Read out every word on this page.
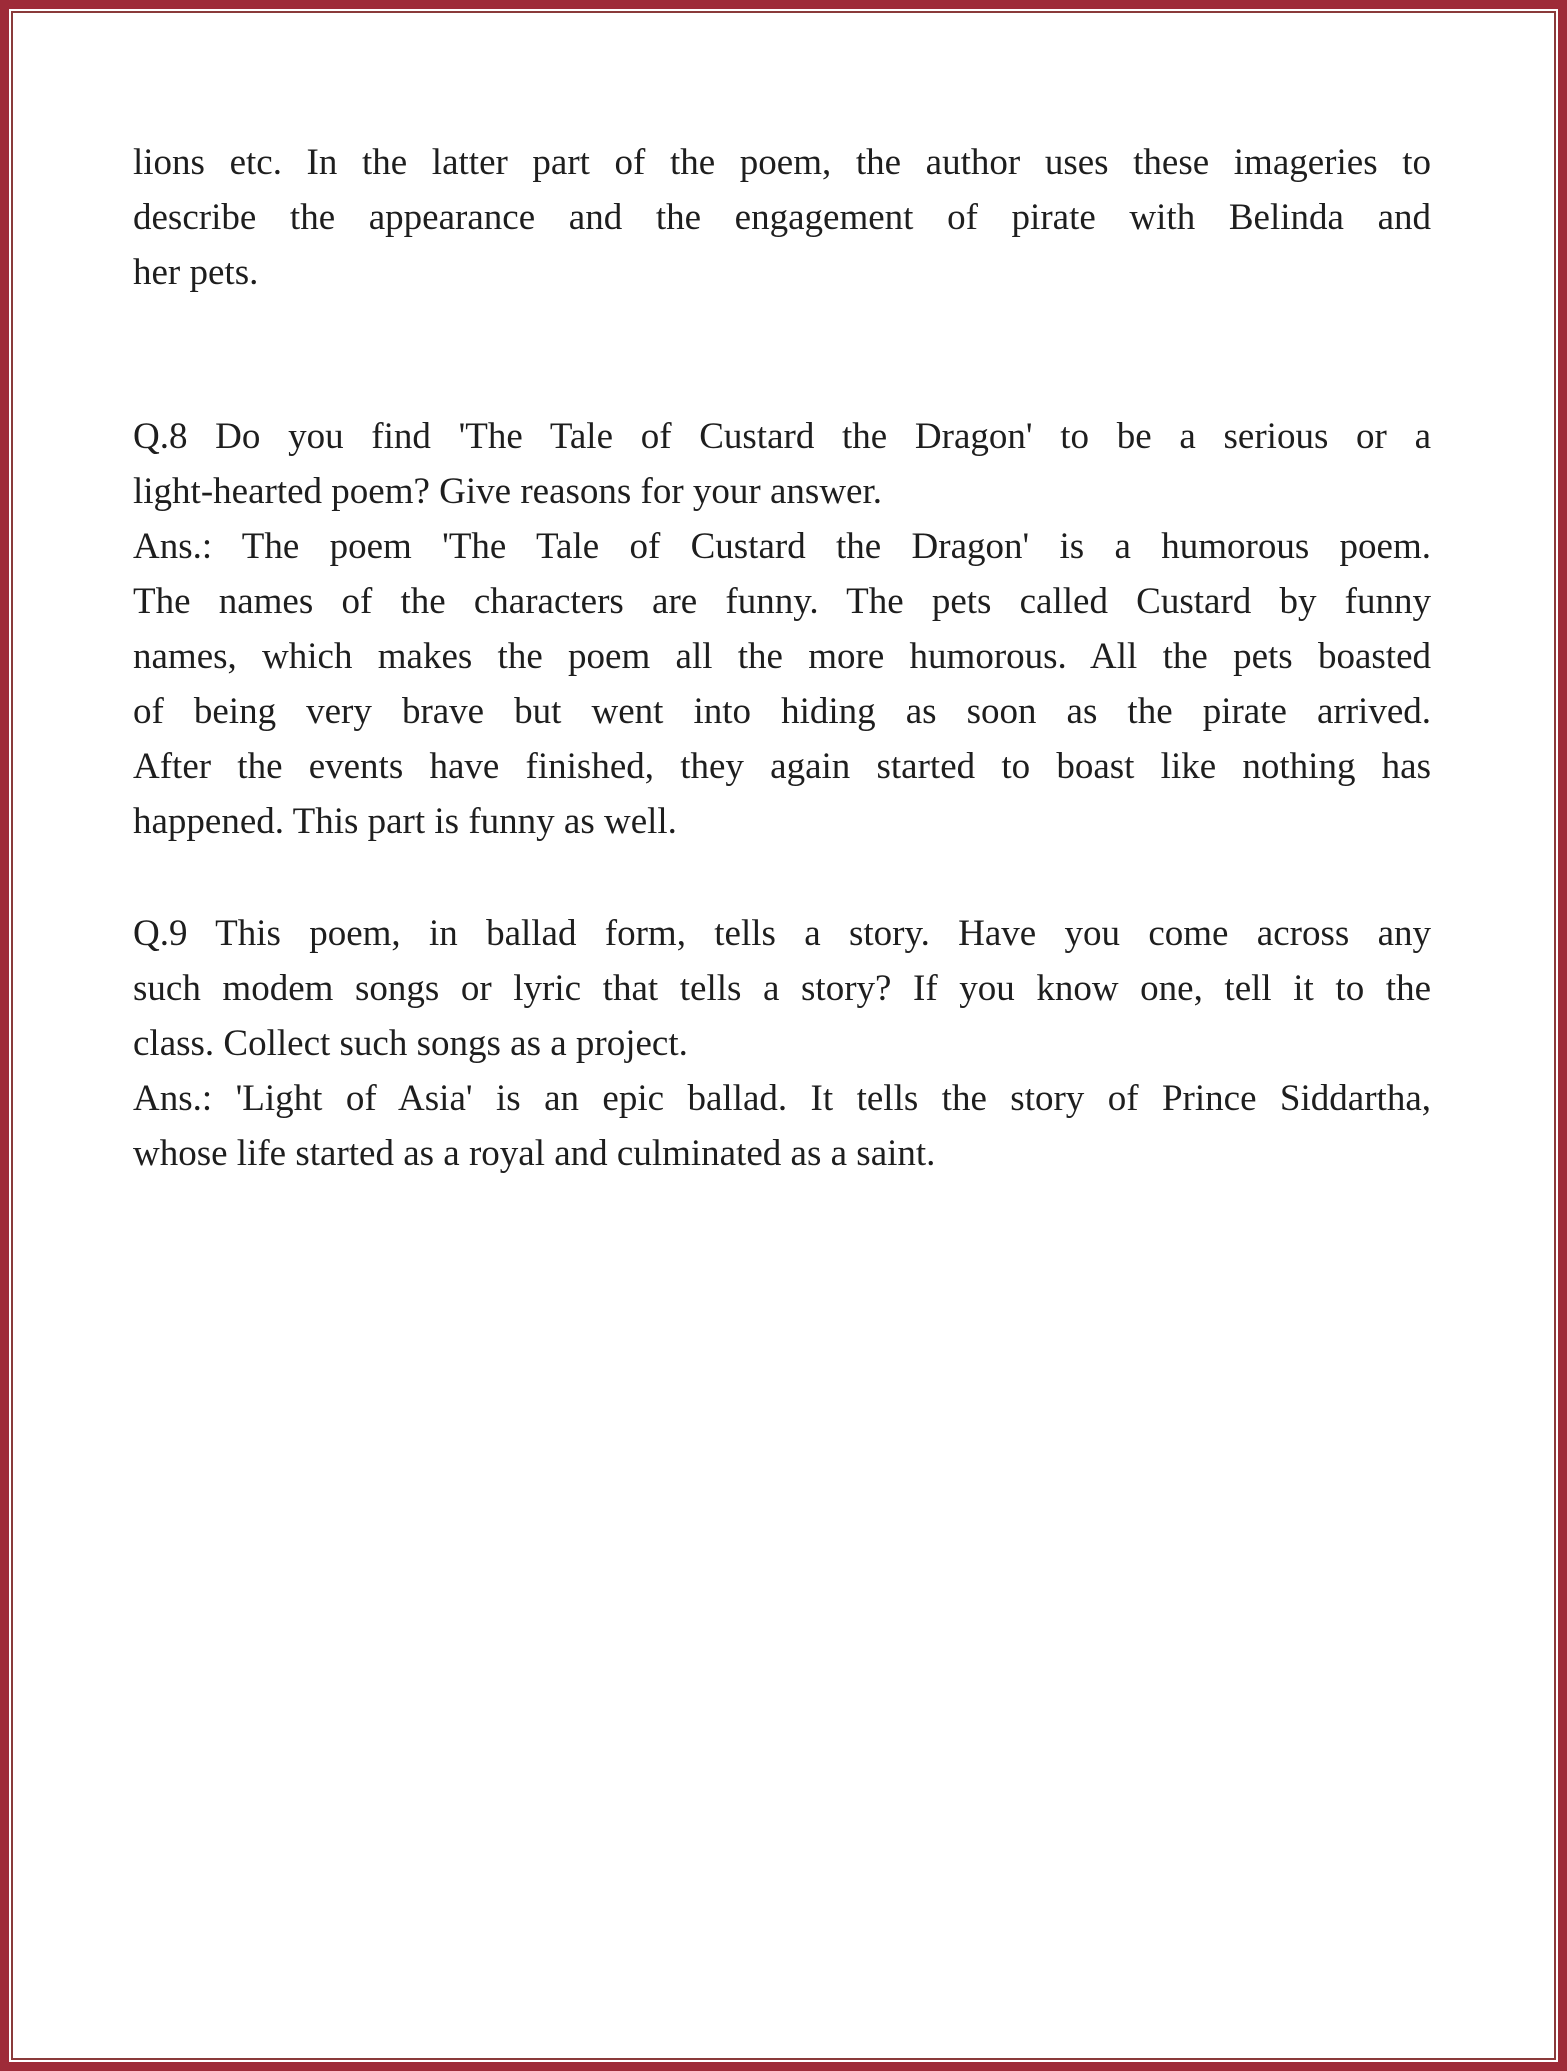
lions etc. In the latter part of the poem, the author uses these imageries to
describe the appearance and the engagement of pirate with Belinda and
her pets.
Q.8 Do you find 'The Tale of Custard the Dragon' to be a serious or a
light-hearted poem? Give reasons for your answer.
Ans.: The poem 'The Tale of Custard the Dragon' is a humorous poem.
The names of the characters are funny. The pets called Custard by funny
names, which makes the poem all the more humorous. All the pets boasted
of being very brave but went into hiding as soon as the pirate arrived.
After the events have finished, they again started to boast like nothing has
happened. This part is funny as well.
Q.9 This poem, in ballad form, tells a story. Have you come across any
such modem songs or lyric that tells a story? If you know one, tell it to the
class. Collect such songs as a project.
Ans.: 'Light of Asia' is an epic ballad. It tells the story of Prince Siddartha,
whose life started as a royal and culminated as a saint.
